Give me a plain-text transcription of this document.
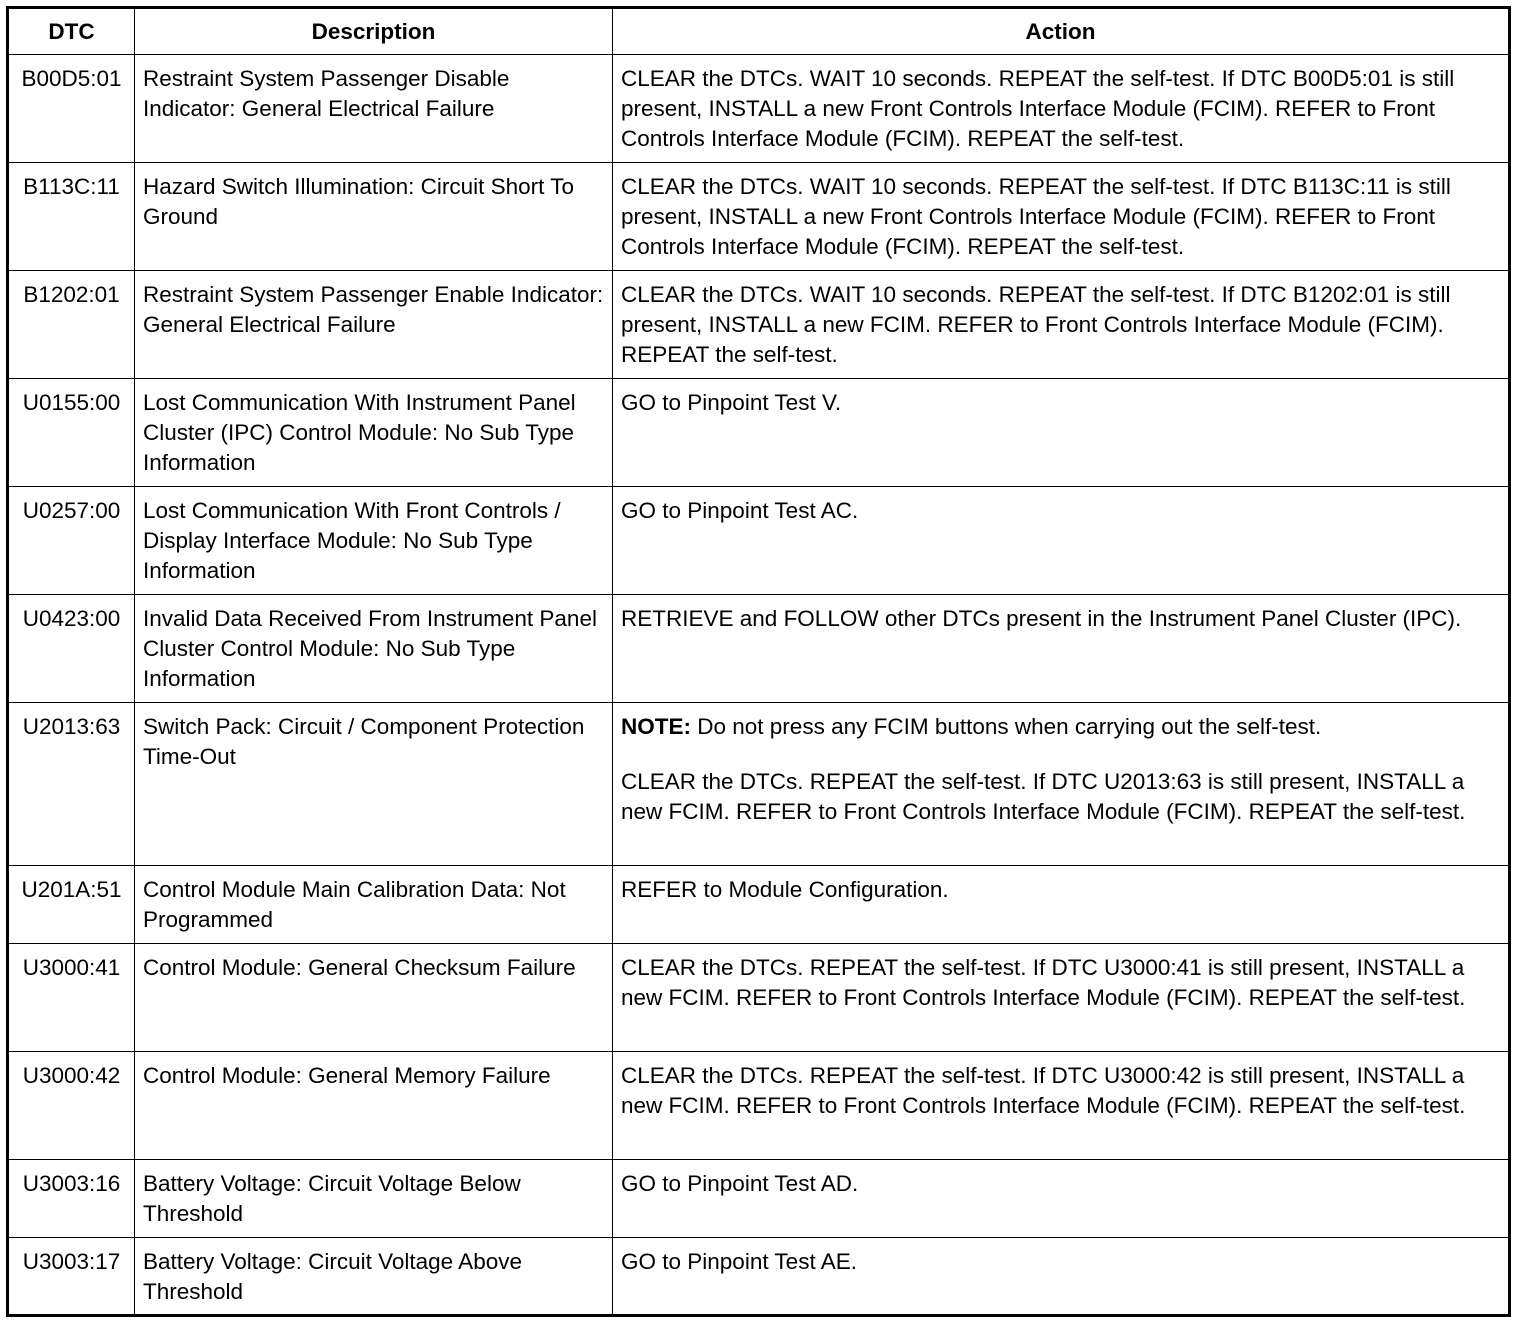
DTC	Description	Action
B00D5:01	Restraint System Passenger Disable Indicator: General Electrical Failure	CLEAR the DTCs. WAIT 10 seconds. REPEAT the self-test. If DTC B00D5:01 is still present, INSTALL a new Front Controls Interface Module (FCIM). REFER to Front Controls Interface Module (FCIM). REPEAT the self-test.
B113C:11	Hazard Switch Illumination: Circuit Short To Ground	CLEAR the DTCs. WAIT 10 seconds. REPEAT the self-test. If DTC B113C:11 is still present, INSTALL a new Front Controls Interface Module (FCIM). REFER to Front Controls Interface Module (FCIM). REPEAT the self-test.
B1202:01	Restraint System Passenger Enable Indicator: General Electrical Failure	CLEAR the DTCs. WAIT 10 seconds. REPEAT the self-test. If DTC B1202:01 is still present, INSTALL a new FCIM. REFER to Front Controls Interface Module (FCIM). REPEAT the self-test.
U0155:00	Lost Communication With Instrument Panel Cluster (IPC) Control Module: No Sub Type Information	GO to Pinpoint Test V.
U0257:00	Lost Communication With Front Controls / Display Interface Module: No Sub Type Information	GO to Pinpoint Test AC.
U0423:00	Invalid Data Received From Instrument Panel Cluster Control Module: No Sub Type Information	RETRIEVE and FOLLOW other DTCs present in the Instrument Panel Cluster (IPC).
U2013:63	Switch Pack: Circuit / Component Protection Time-Out	NOTE: Do not press any FCIM buttons when carrying out the self-test.

CLEAR the DTCs. REPEAT the self-test. If DTC U2013:63 is still present, INSTALL a new FCIM. REFER to Front Controls Interface Module (FCIM). REPEAT the self-test.

U201A:51	Control Module Main Calibration Data: Not Programmed	REFER to Module Configuration.
U3000:41	Control Module: General Checksum Failure	CLEAR the DTCs. REPEAT the self-test. If DTC U3000:41 is still present, INSTALL a new FCIM. REFER to Front Controls Interface Module (FCIM). REPEAT the self-test.
U3000:42	Control Module: General Memory Failure	CLEAR the DTCs. REPEAT the self-test. If DTC U3000:42 is still present, INSTALL a new FCIM. REFER to Front Controls Interface Module (FCIM). REPEAT the self-test.
U3003:16	Battery Voltage: Circuit Voltage Below Threshold	GO to Pinpoint Test AD.
U3003:17	Battery Voltage: Circuit Voltage Above Threshold	GO to Pinpoint Test AE.
